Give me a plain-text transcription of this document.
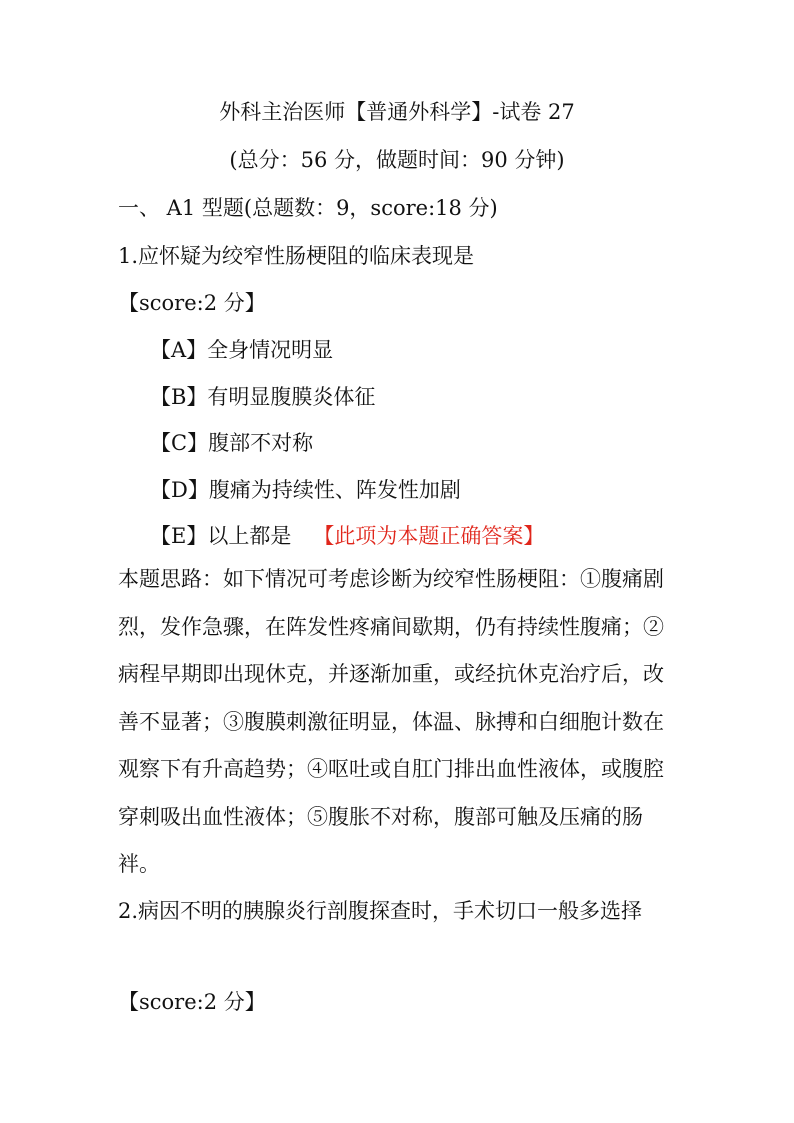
外科主治医师【普通外科学】-试卷 27
(总分：56 分，做题时间：90 分钟)
一、 A1 型题(总题数：9，score:18 分)
1.应怀疑为绞窄性肠梗阻的临床表现是
【score:2 分】
【A】全身情况明显
【B】有明显腹膜炎体征
【C】腹部不对称
【D】腹痛为持续性、阵发性加剧
【E】以上都是 【此项为本题正确答案】
本题思路：如下情况可考虑诊断为绞窄性肠梗阻：①腹痛剧烈，发作急骤，在阵发性疼痛间歇期，仍有持续性腹痛；②病程早期即出现休克，并逐渐加重，或经抗休克治疗后，改善不显著；③腹膜刺激征明显，体温、脉搏和白细胞计数在观察下有升高趋势；④呕吐或自肛门排出血性液体，或腹腔穿刺吸出血性液体；⑤腹胀不对称，腹部可触及压痛的肠袢。
2.病因不明的胰腺炎行剖腹探查时，手术切口一般多选择
【score:2 分】
